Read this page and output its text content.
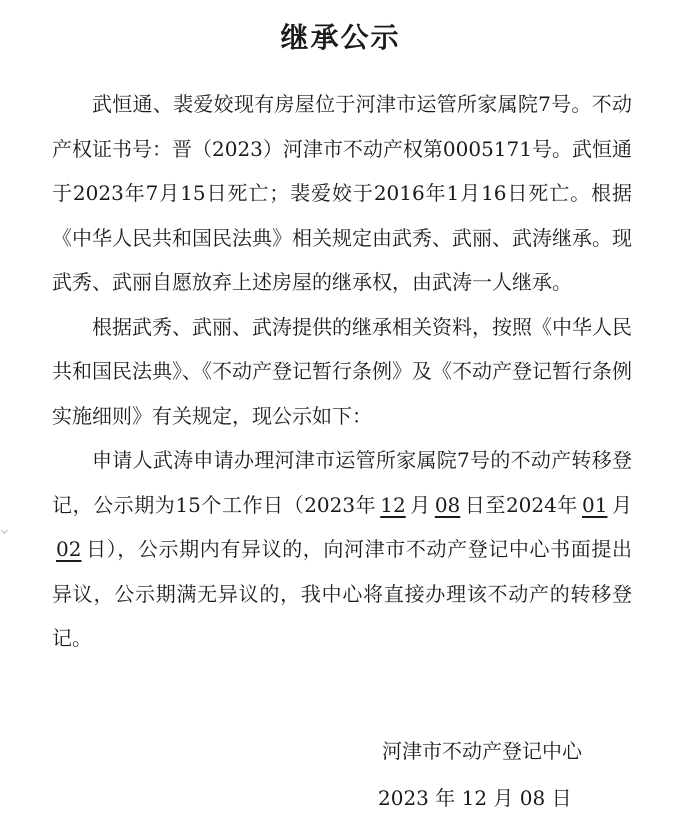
继承公示

武恒通、裴爱姣现有房屋位于河津市运管所家属院7号。不动产权证书号：晋（2023）河津市不动产权第0005171号。武恒通于2023年7月15日死亡；裴爱姣于2016年1月16日死亡。根据《中华人民共和国民法典》相关规定由武秀、武丽、武涛继承。现武秀、武丽自愿放弃上述房屋的继承权，由武涛一人继承。

根据武秀、武丽、武涛提供的继承相关资料，按照《中华人民共和国民法典》、《不动产登记暂行条例》及《不动产登记暂行条例实施细则》有关规定，现公示如下：

申请人武涛申请办理河津市运管所家属院7号的不动产转移登记，公示期为15个工作日（2023年 12 月 08 日至2024年 01 月02 日），公示期内有异议的，向河津市不动产登记中心书面提出异议，公示期满无异议的，我中心将直接办理该不动产的转移登记。

河津市不动产登记中心
2023 年 12 月 08 日
